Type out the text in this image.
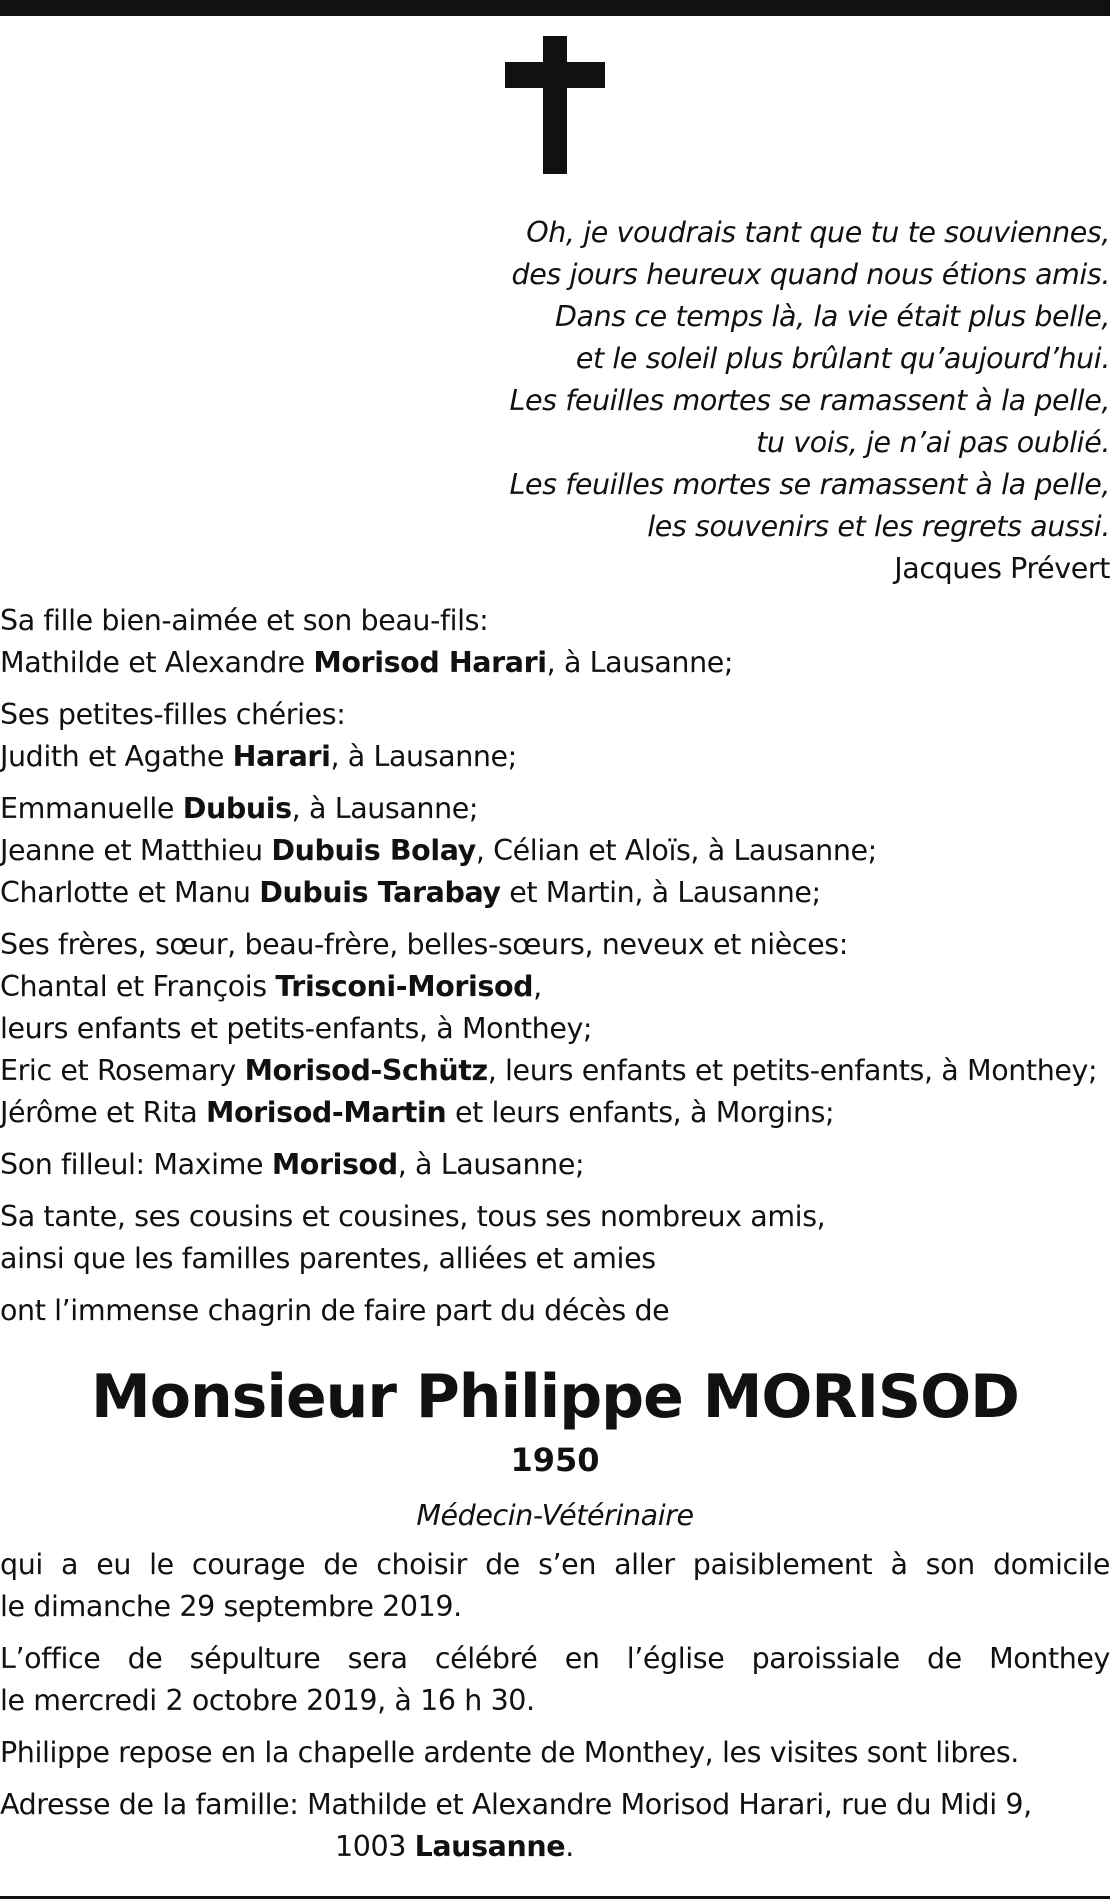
Oh, je voudrais tant que tu te souviennes,
des jours heureux quand nous étions amis.
Dans ce temps là, la vie était plus belle,
et le soleil plus brûlant qu’aujourd’hui.
Les feuilles mortes se ramassent à la pelle,
tu vois, je n’ai pas oublié.
Les feuilles mortes se ramassent à la pelle,
les souvenirs et les regrets aussi.
Jacques Prévert
Sa fille bien-aimée et son beau-fils:
Mathilde et Alexandre Morisod Harari, à Lausanne;
Ses petites-filles chéries:
Judith et Agathe Harari, à Lausanne;
Emmanuelle Dubuis, à Lausanne;
Jeanne et Matthieu Dubuis Bolay, Célian et Aloïs, à Lausanne;
Charlotte et Manu Dubuis Tarabay et Martin, à Lausanne;
Ses frères, sœur, beau-frère, belles-sœurs, neveux et nièces:
Chantal et François Trisconi-Morisod,
leurs enfants et petits-enfants, à Monthey;
Eric et Rosemary Morisod-Schütz, leurs enfants et petits-enfants, à Monthey;
Jérôme et Rita Morisod-Martin et leurs enfants, à Morgins;
Son filleul: Maxime Morisod, à Lausanne;
Sa tante, ses cousins et cousines, tous ses nombreux amis,
ainsi que les familles parentes, alliées et amies
ont l’immense chagrin de faire part du décès de
Monsieur Philippe MORISOD
1950
Médecin-Vétérinaire
qui a eu le courage de choisir de s’en aller paisiblement à son domicile
le dimanche 29 septembre 2019.
L’office de sépulture sera célébré en l’église paroissiale de Monthey
le mercredi 2 octobre 2019, à 16 h 30.
Philippe repose en la chapelle ardente de Monthey, les visites sont libres.
Adresse de la famille: Mathilde et Alexandre Morisod Harari, rue du Midi 9,
1003 Lausanne.
